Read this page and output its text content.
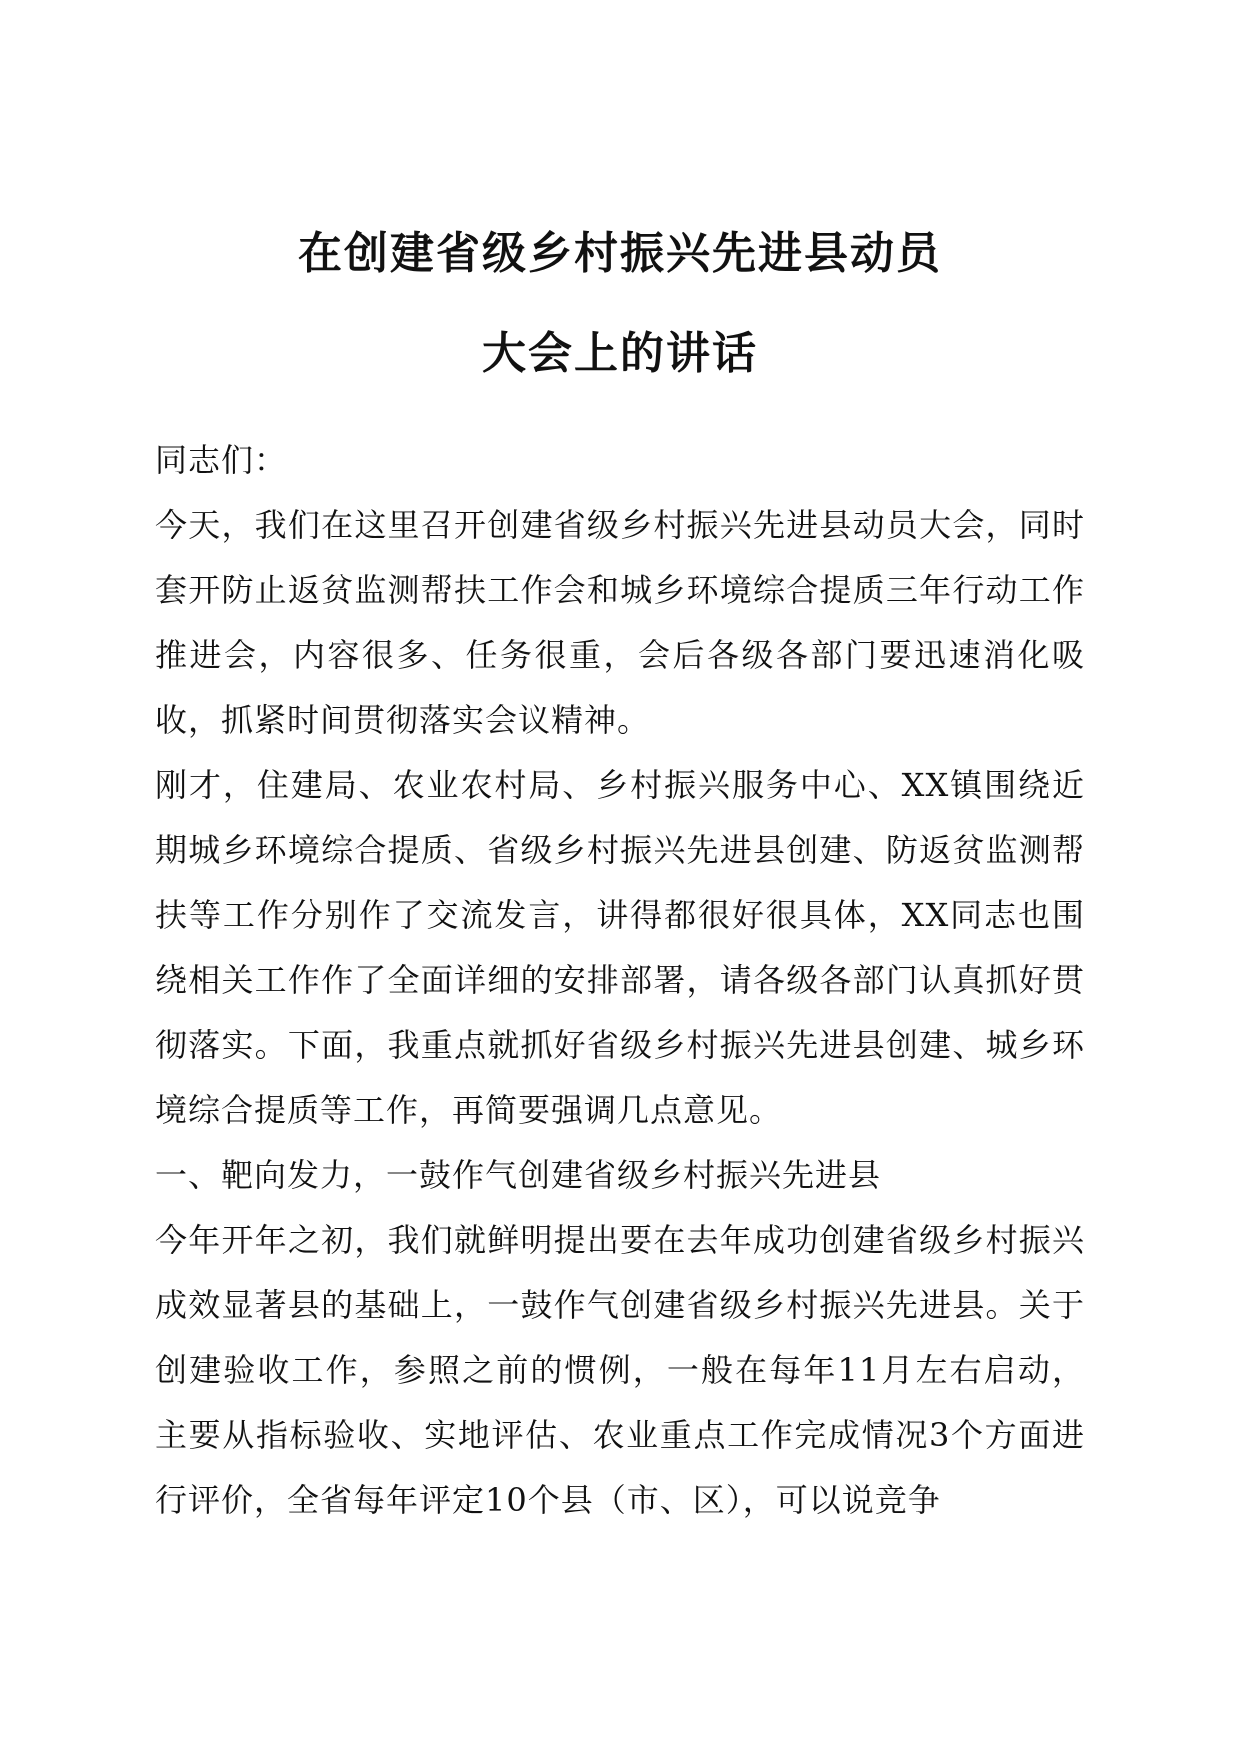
在创建省级乡村振兴先进县动员
大会上的讲话

同志们：

今天，我们在这里召开创建省级乡村振兴先进县动员大会，同时套开防止返贫监测帮扶工作会和城乡环境综合提质三年行动工作推进会，内容很多、任务很重，会后各级各部门要迅速消化吸收，抓紧时间贯彻落实会议精神。

刚才，住建局、农业农村局、乡村振兴服务中心、XX镇围绕近期城乡环境综合提质、省级乡村振兴先进县创建、防返贫监测帮扶等工作分别作了交流发言，讲得都很好很具体，XX同志也围绕相关工作作了全面详细的安排部署，请各级各部门认真抓好贯彻落实。下面，我重点就抓好省级乡村振兴先进县创建、城乡环境综合提质等工作，再简要强调几点意见。

一、靶向发力，一鼓作气创建省级乡村振兴先进县

今年开年之初，我们就鲜明提出要在去年成功创建省级乡村振兴成效显著县的基础上，一鼓作气创建省级乡村振兴先进县。关于创建验收工作，参照之前的惯例，一般在每年11月左右启动，主要从指标验收、实地评估、农业重点工作完成情况3个方面进行评价，全省每年评定10个县（市、区），可以说竞争
